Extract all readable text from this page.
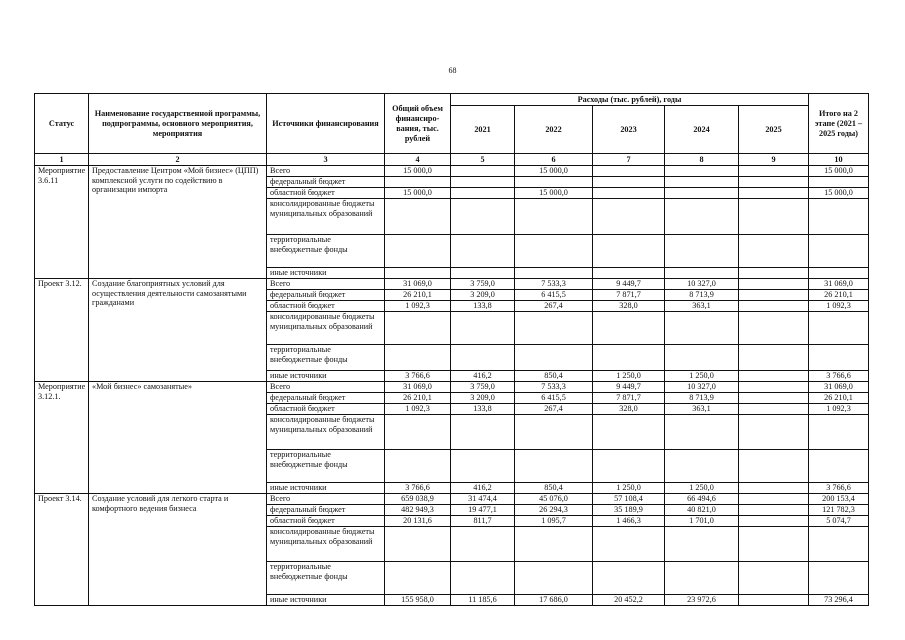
68
Статус	Наименование государственной программы, подпрограммы, основного мероприятия, мероприятия	Источники финансирования	Общий объем финансиро-вания, тыс. рублей	Расходы (тыс. рублей), годы					Итого на 2 этапе (2021 – 2025 годы)
				2021	2022	2023	2024	2025	
1	2	3	4	5	6	7	8	9	10
Мероприятие 3.6.11	Предоставление Центром «Мой бизнес» (ЦПП) комплексной услуги по содействию в организации импорта	Всего	15 000,0		15 000,0				15 000,0
		федеральный бюджет							
		областной бюджет	15 000,0		15 000,0				15 000,0
		консолидированные бюджеты муниципальных образований							
		территориальные внебюджетные фонды							
		иные источники							
Проект 3.12.	Создание благоприятных условий для осуществления деятельности самозанятыми гражданами	Всего	31 069,0	3 759,0	7 533,3	9 449,7	10 327,0		31 069,0
		федеральный бюджет	26 210,1	3 209,0	6 415,5	7 871,7	8 713,9		26 210,1
		областной бюджет	1 092,3	133,8	267,4	328,0	363,1		1 092,3
		консолидированные бюджеты муниципальных образований							
		территориальные внебюджетные фонды							
		иные источники	3 766,6	416,2	850,4	1 250,0	1 250,0		3 766,6
Мероприятие 3.12.1.	«Мой бизнес» самозанятые»	Всего	31 069,0	3 759,0	7 533,3	9 449,7	10 327,0		31 069,0
		федеральный бюджет	26 210,1	3 209,0	6 415,5	7 871,7	8 713,9		26 210,1
		областной бюджет	1 092,3	133,8	267,4	328,0	363,1		1 092,3
		консолидированные бюджеты муниципальных образований							
		территориальные внебюджетные фонды							
		иные источники	3 766,6	416,2	850,4	1 250,0	1 250,0		3 766,6
Проект 3.14.	Создание условий для легкого старта и комфортного ведения бизнеса	Всего	659 038,9	31 474,4	45 076,0	57 108,4	66 494,6		200 153,4
		федеральный бюджет	482 949,3	19 477,1	26 294,3	35 189,9	40 821,0		121 782,3
		областной бюджет	20 131,6	811,7	1 095,7	1 466,3	1 701,0		5 074,7
		консолидированные бюджеты муниципальных образований							
		территориальные внебюджетные фонды							
		иные источники	155 958,0	11 185,6	17 686,0	20 452,2	23 972,6		73 296,4
